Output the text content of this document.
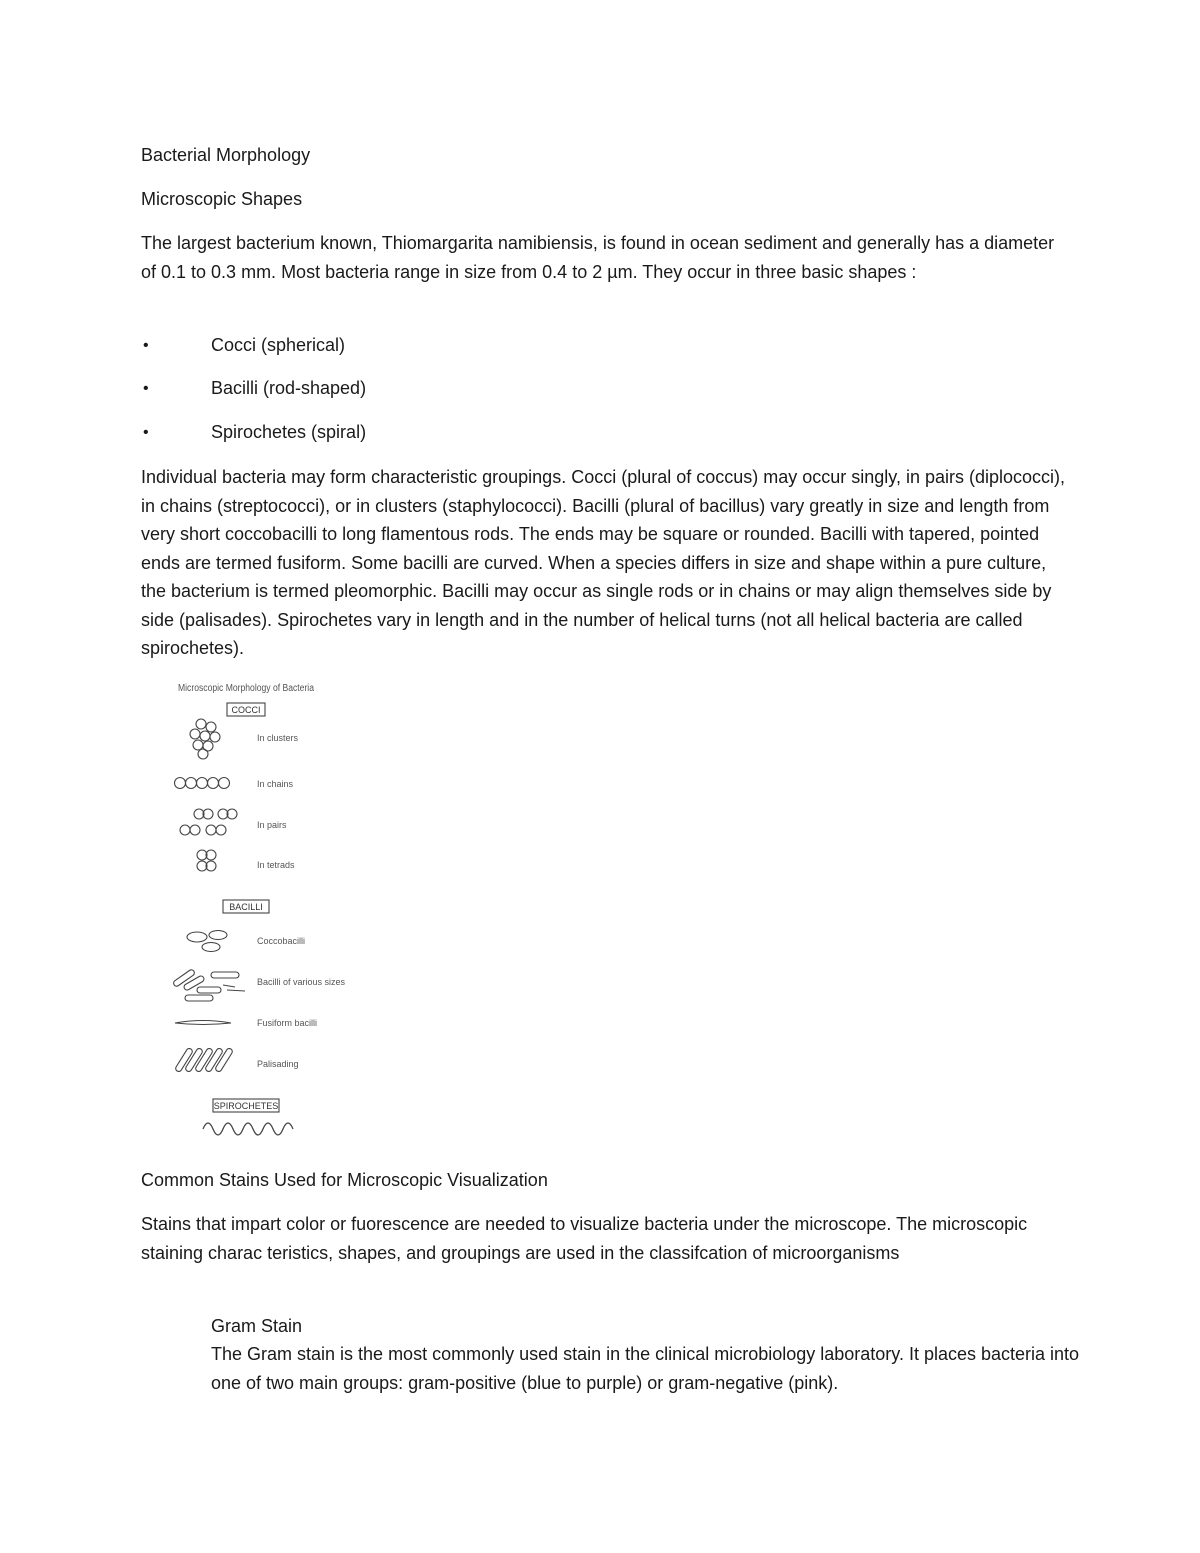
Bacterial Morphology
Microscopic Shapes
The largest bacterium known, Thiomargarita namibiensis, is found in ocean sediment and generally has a diameter of 0.1 to 0.3 mm. Most bacteria range in size from 0.4 to 2 µm. They occur in three basic shapes :
•	Cocci (spherical)
•	Bacilli (rod-shaped)
•	Spirochetes (spiral)
Individual bacteria may form characteristic groupings. Cocci (plural of coccus) may occur singly, in pairs (diplococci), in chains (streptococci), or in clusters (staphylococci). Bacilli (plural of bacillus) vary greatly in size and length from very short coccobacilli to long flamentous rods. The ends may be square or rounded. Bacilli with tapered, pointed ends are termed fusiform. Some bacilli are curved. When a species differs in size and shape within a pure culture, the bacterium is termed pleomorphic. Bacilli may occur as single rods or in chains or may align themselves side by side (palisades). Spirochetes vary in length and in the number of helical turns (not all helical bacteria are called spirochetes).
Microscopic Morphology of Bacteria
COCCI
In clusters
In chains
In pairs
In tetrads
BACILLI
Coccobacilli
Bacilli of various sizes
Fusiform bacilli
Palisading
SPIROCHETES
Common Stains Used for Microscopic Visualization
Stains that impart color or fuorescence are needed to visualize bacteria under the microscope. The microscopic staining charac teristics, shapes, and groupings are used in the classifcation of microorganisms
Gram Stain
The Gram stain is the most commonly used stain in the clinical microbiology laboratory. It places bacteria into one of two main groups: gram-positive (blue to purple) or gram-negative (pink).
